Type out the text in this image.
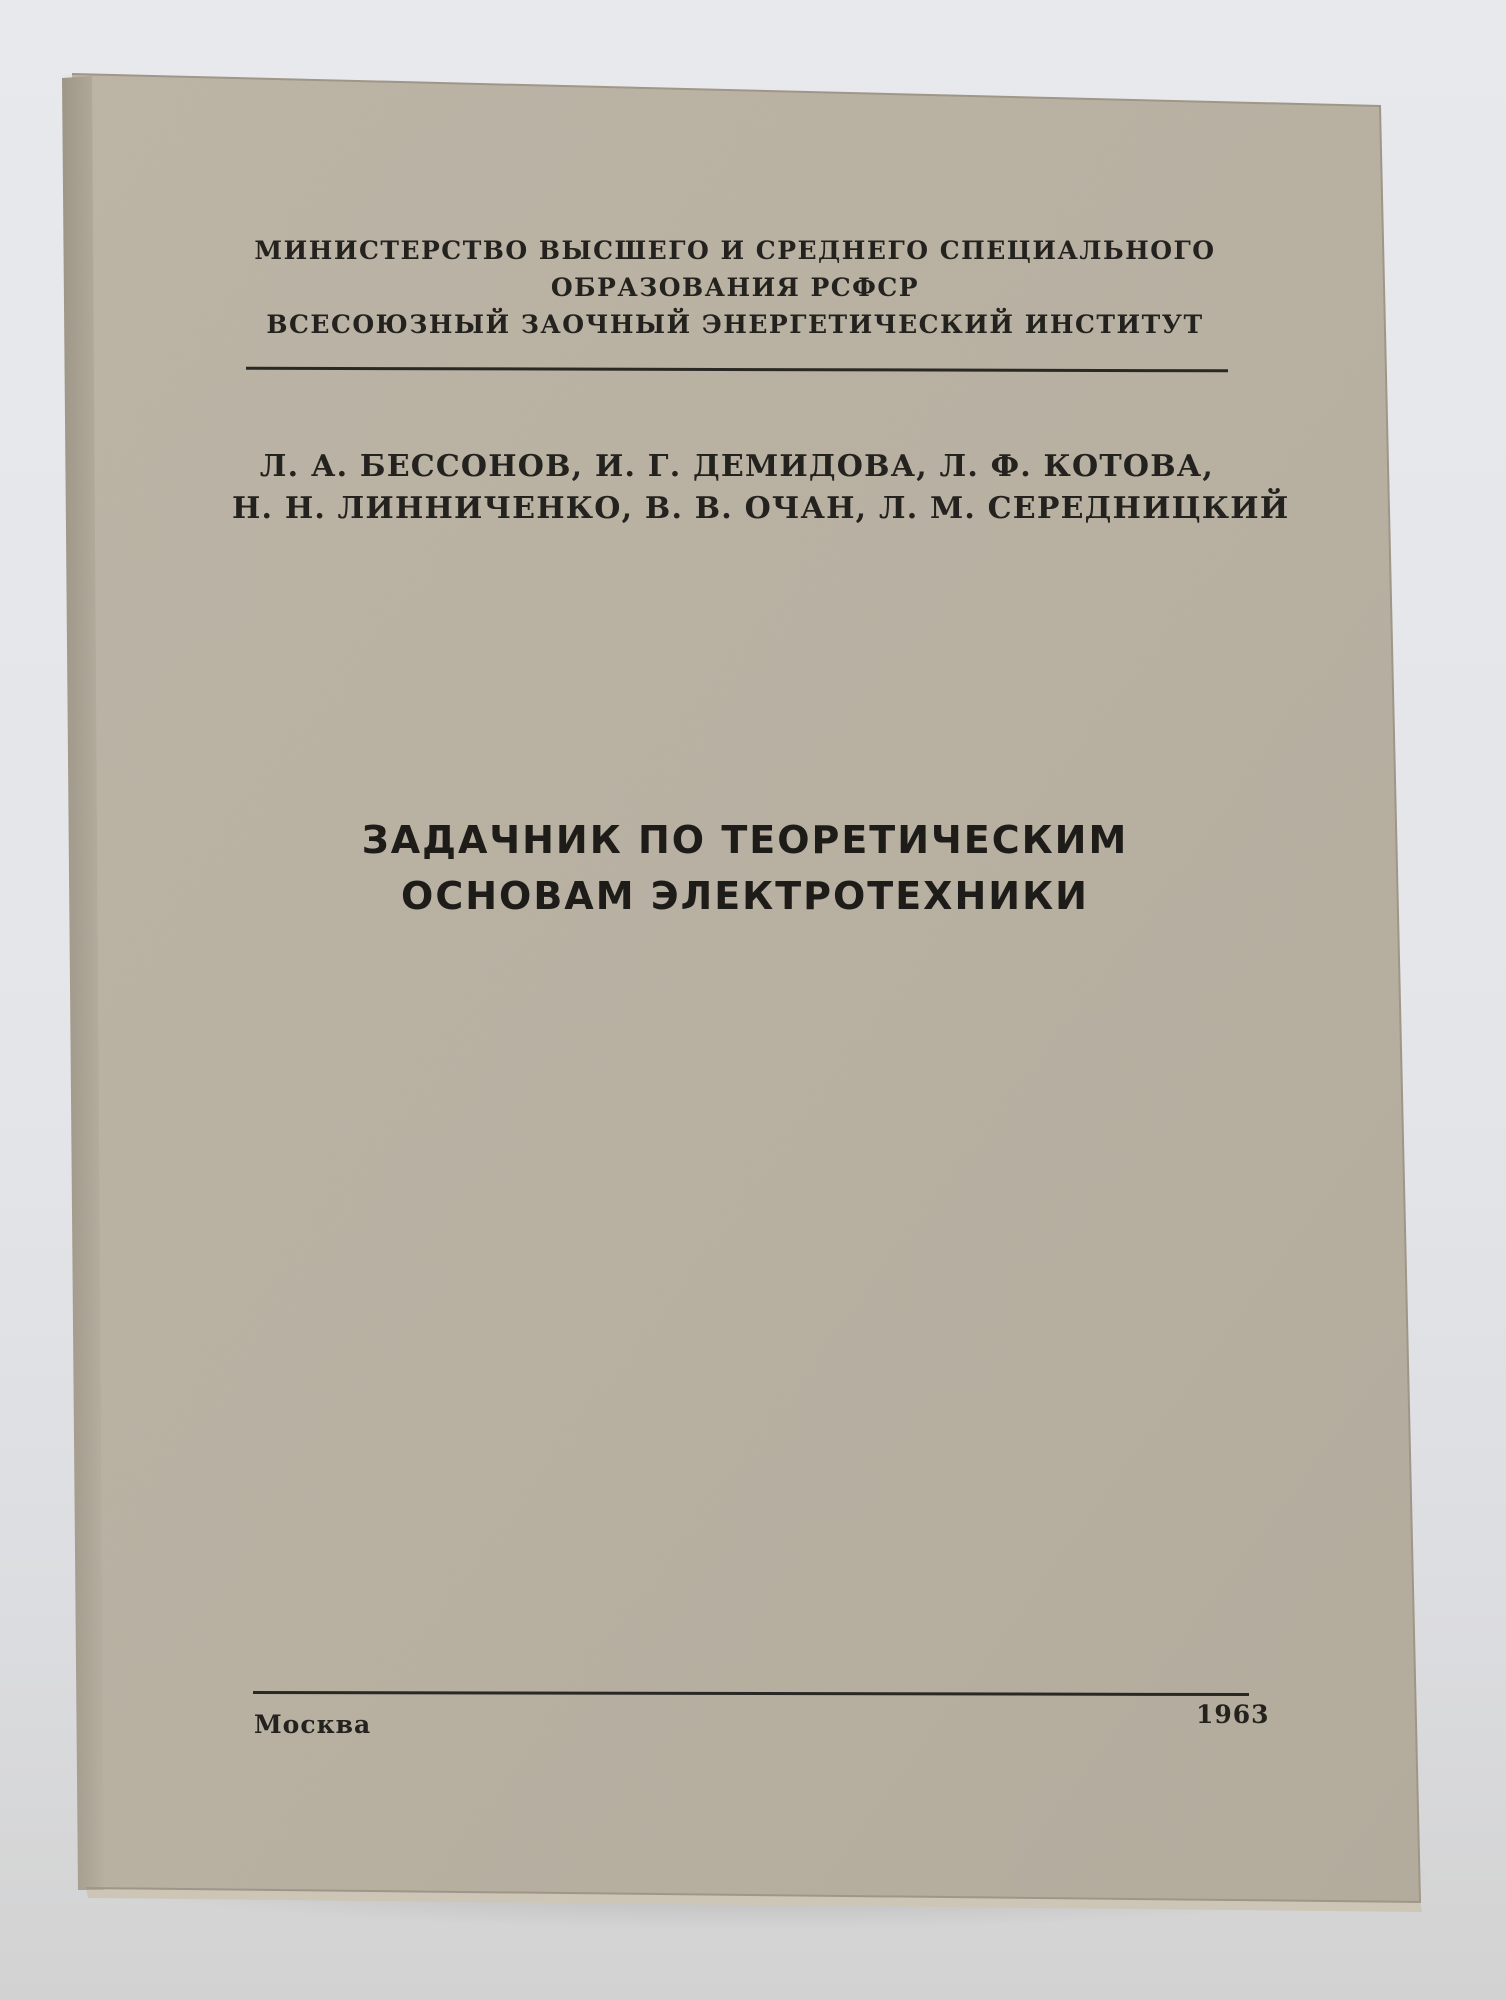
МИНИСТЕРСТВО ВЫСШЕГО И СРЕДНЕГО СПЕЦИАЛЬНОГО
ОБРАЗОВАНИЯ РСФСР
ВСЕСОЮЗНЫЙ ЗАОЧНЫЙ ЭНЕРГЕТИЧЕСКИЙ ИНСТИТУТ
Л. А. БЕССОНОВ, И. Г. ДЕМИДОВА, Л. Ф. КОТОВА,
Н. Н. ЛИННИЧЕНКО, В. В. ОЧАН, Л. М. СЕРЕДНИЦКИЙ
ЗАДАЧНИК ПО ТЕОРЕТИЧЕСКИМ
ОСНОВАМ ЭЛЕКТРОТЕХНИКИ
Москва	1963
